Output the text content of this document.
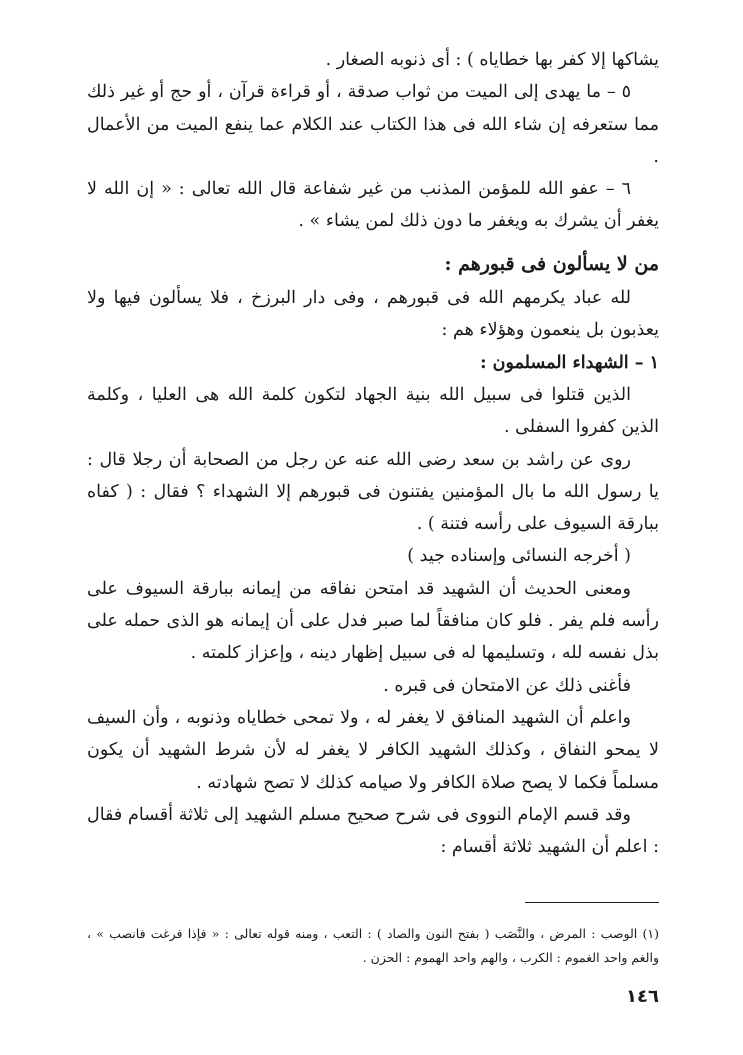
يشاكها إلا كفر بها خطاياه ) : أى ذنوبه الصغار .

٥ – ما يهدى إلى الميت من ثواب صدقة ، أو قراءة قرآن ، أو حج أو غير ذلك مما ستعرفه إن شاء الله فى هذا الكتاب عند الكلام عما ينفع الميت من الأعمال .

٦ – عفو الله للمؤمن المذنب من غير شفاعة قال الله تعالى : « إن الله لا يغفر أن يشرك به ويغفر ما دون ذلك لمن يشاء » .

من لا يسألون فى قبورهم :

لله عباد يكرمهم الله فى قبورهم ، وفى دار البرزخ ، فلا يسألون فيها ولا يعذبون بل ينعمون وهؤلاء هم :

١ – الشهداء المسلمون :

الذين قتلوا فى سبيل الله بنية الجهاد لتكون كلمة الله هى العليا ، وكلمة الذين كفروا السفلى .

روى عن راشد بن سعد رضى الله عنه عن رجل من الصحابة أن رجلا قال : يا رسول الله ما بال المؤمنين يفتنون فى قبورهم إلا الشهداء ؟ فقال : ( كفاه ببارقة السيوف على رأسه فتنة ) .

( أخرجه النسائى وإسناده جيد )

ومعنى الحديث أن الشهيد قد امتحن نفاقه من إيمانه ببارقة السيوف على رأسه فلم يفر . فلو كان منافقاً لما صبر فدل على أن إيمانه هو الذى حمله على بذل نفسه لله ، وتسليمها له فى سبيل إظهار دينه ، وإعزاز كلمته .

فأغنى ذلك عن الامتحان فى قبره .

واعلم أن الشهيد المنافق لا يغفر له ، ولا تمحى خطاياه وذنوبه ، وأن السيف لا يمحو النفاق ، وكذلك الشهيد الكافر لا يغفر له لأن شرط الشهيد أن يكون مسلماً فكما لا يصح صلاة الكافر ولا صيامه كذلك لا تصح شهادته .

وقد قسم الإمام النووى فى شرح صحيح مسلم الشهيد إلى ثلاثة أقسام فقال : اعلم أن الشهيد ثلاثة أقسام :

(١) الوصب : المرض ، والنَّصَب ( بفتح النون والصاد ) : التعب ، ومنه قوله تعالى : « فإذا فرغت فانصب » ، والغم واحد الغموم : الكرب ، والهم واحد الهموم : الحزن .

١٤٦
